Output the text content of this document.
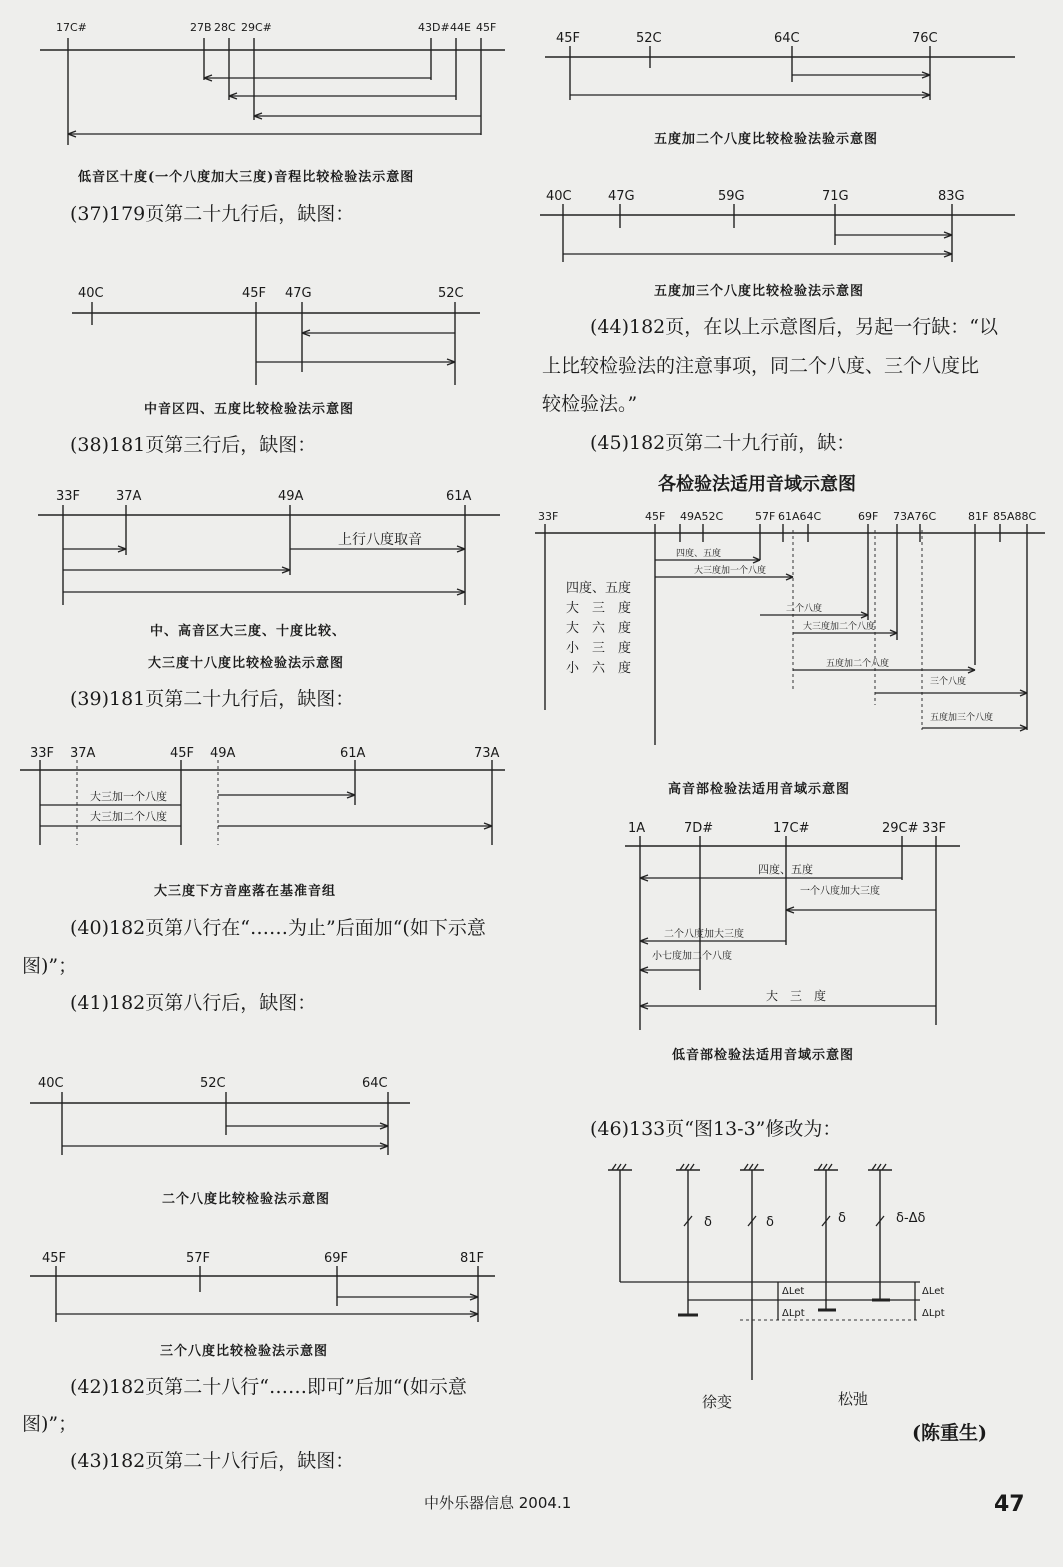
17C#	27B 28C 29C#	43D# 44E 45F
低音区十度(一个八度加大三度)音程比较检验法示意图
(37)179页第二十九行后，缺图：
40C	45F 47G	52C
中音区四、五度比较检验法示意图
(38)181页第三行后，缺图：
33F	37A	49A	61A
上行八度取音
中、高音区大三度、十度比较、
大三度十八度比较检验法示意图
(39)181页第二十九行后，缺图：
33F 37A	45F 49A	61A	73A
大三加一个八度
大三加二个八度
大三度下方音座落在基准音组
(40)182页第八行在“……为止”后面加“(如下示意
图)”；
(41)182页第八行后，缺图：
40C	52C	64C
二个八度比较检验法示意图
45F	57F	69F	81F
三个八度比较检验法示意图
(42)182页第二十八行“……即可”后加“(如示意
图)”；
(43)182页第二十八行后，缺图：
45F	52C	64C	76C
五度加二个八度比较检验法验示意图
40C	47G	59G	71G	83G
五度加三个八度比较检验法示意图
(44)182页，在以上示意图后，另起一行缺：“以
上比较检验法的注意事项，同二个八度、三个八度比
较检验法。”
(45)182页第二十九行前，缺：
各检验法适用音域示意图
33F	45F 49A52C	57F 61A64C	69F 73A76C	81F 85A88C
四度、五度
大　三　度
大　六　度
小　三　度
小　六　度
四度、五度
大三度加一个八度
二个八度
大三度加二个八度
五度加二个八度
三个八度
五度加三个八度
高音部检验法适用音域示意图
1A	7D#	17C#	29C# 33F
四度、五度
一个八度加大三度
二个八度加大三度
小七度加二个八度
大　三　度
低音部检验法适用音域示意图
(46)133页“图13-3”修改为：
δ	δ	δ	δ-Δδ
ΔLet
ΔLpt
ΔLet
ΔLpt
徐变	松弛
(陈重生)
中外乐器信息 2004.1	47
